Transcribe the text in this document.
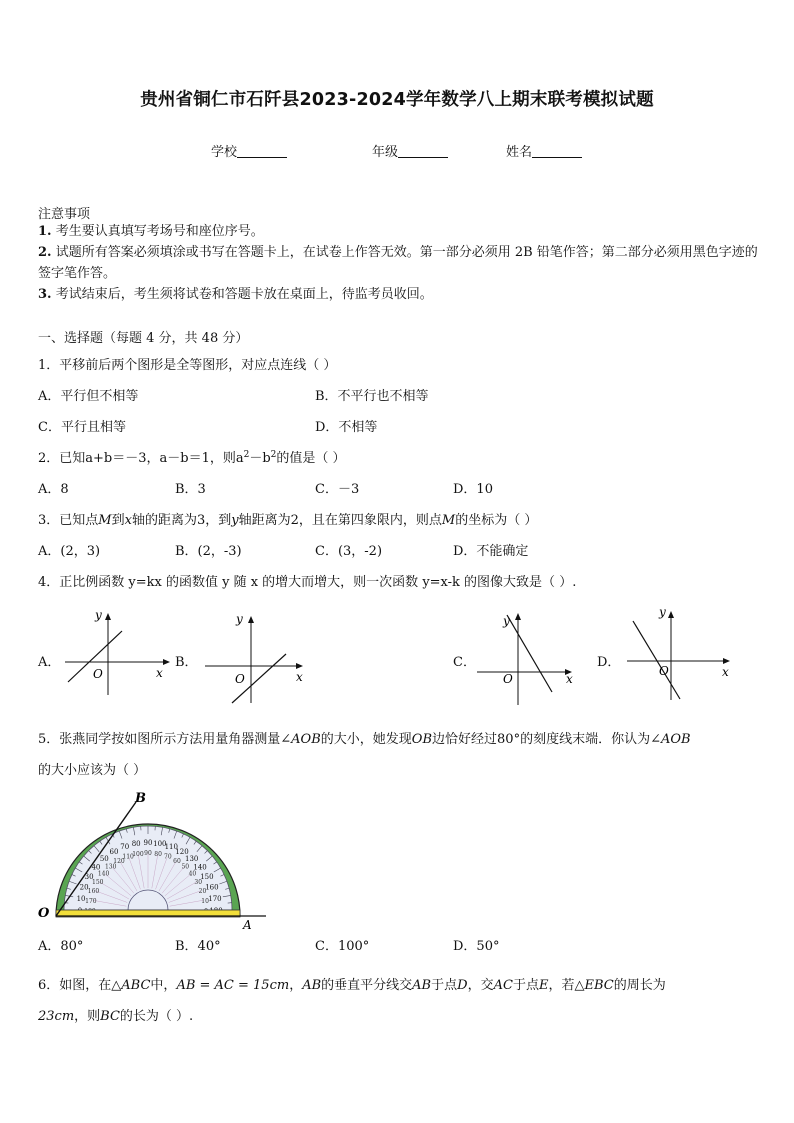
贵州省铜仁市石阡县2023-2024学年数学八上期末联考模拟试题
学校	年级	姓名
注意事项
1. 考生要认真填写考场号和座位序号。
2. 试题所有答案必须填涂或书写在答题卡上，在试卷上作答无效。第一部分必须用 2B 铅笔作答；第二部分必须用黑色字迹的签字笔作答。
3. 考试结束后，考生须将试卷和答题卡放在桌面上，待监考员收回。
一、选择题（每题 4 分，共 48 分）
1．平移前后两个图形是全等图形，对应点连线（ ）
A．平行但不相等	B．不平行也不相等
C．平行且相等	D．不相等
2．已知a+b＝－3，a－b＝1，则$a^2-b^2$的值是（ ）
A．8	B．3	C．－3	D．10
3．已知点M到x轴的距离为3，到y轴距离为2，且在第四象限内，则点M的坐标为（ ）
A．(2，3)	B．(2，-3)	C．(3，-2)	D．不能确定
4．正比例函数 y=kx 的函数值 y 随 x 的增大而增大，则一次函数 y=x-k 的图像大致是（ ）.
A．
x
y
O
B．
x
y
O
C．
x
y
O
D．
x
y
O
5．张燕同学按如图所示方法用量角器测量∠AOB的大小，她发现OB边恰好经过80°的刻度线末端．你认为∠AOB
的大小应该为（ ）
10
20
30
40
50
60
70 80 90 100
110
120
130
140
150
160
170
170
160
150
140
130
120
110
100 90 80 70
60
50
40
30
20
10
O
A
B
A．80°	B．40°	C．100°	D．50°
6．如图，在△ABC中，AB = AC = 15cm，AB的垂直平分线交AB于点D，交AC于点E，若△EBC的周长为
23cm，则BC的长为（ ）.
